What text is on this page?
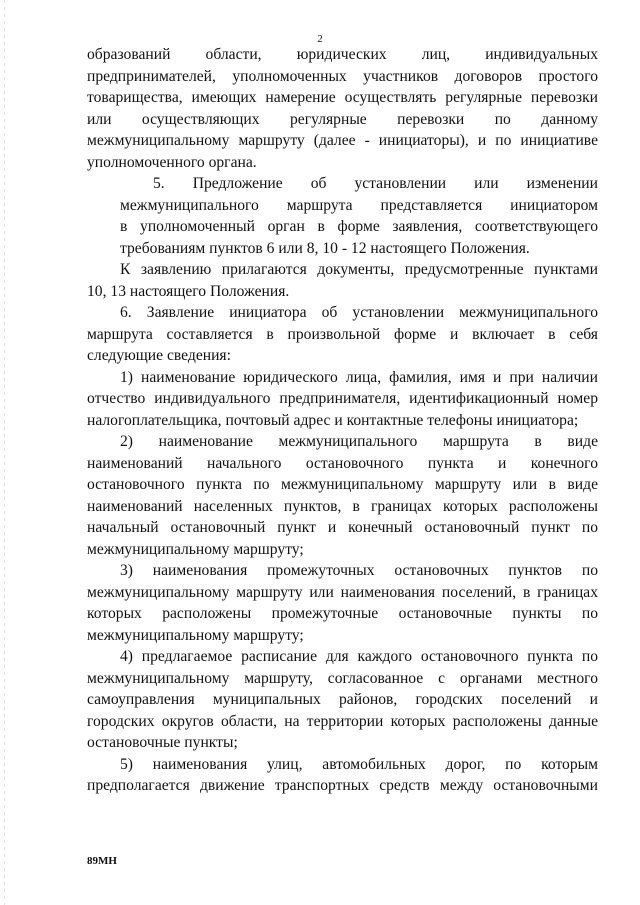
2
образований области, юридических лиц, индивидуальных
предпринимателей, уполномоченных участников договоров простого
товарищества, имеющих намерение осуществлять регулярные перевозки
или осуществляющих регулярные перевозки по данному
межмуниципальному маршруту (далее - инициаторы), и по инициативе
уполномоченного органа.
5. Предложение об установлении или изменении
межмуниципального маршрута представляется инициатором
в уполномоченный орган в форме заявления, соответствующего
требованиям пунктов 6 или 8, 10 - 12 настоящего Положения.
К заявлению прилагаются документы, предусмотренные пунктами
10, 13 настоящего Положения.
6. Заявление инициатора об установлении межмуниципального
маршрута составляется в произвольной форме и включает в себя
следующие сведения:
1) наименование юридического лица, фамилия, имя и при наличии
отчество индивидуального предпринимателя, идентификационный номер
налогоплательщика, почтовый адрес и контактные телефоны инициатора;
2) наименование межмуниципального маршрута в виде
наименований начального остановочного пункта и конечного
остановочного пункта по межмуниципальному маршруту или в виде
наименований населенных пунктов, в границах которых расположены
начальный остановочный пункт и конечный остановочный пункт по
межмуниципальному маршруту;
3) наименования промежуточных остановочных пунктов по
межмуниципальному маршруту или наименования поселений, в границах
которых расположены промежуточные остановочные пункты по
межмуниципальному маршруту;
4) предлагаемое расписание для каждого остановочного пункта по
межмуниципальному маршруту, согласованное с органами местного
самоуправления муниципальных районов, городских поселений и
городских округов области, на территории которых расположены данные
остановочные пункты;
5) наименования улиц, автомобильных дорог, по которым
предполагается движение транспортных средств между остановочными
89МН
